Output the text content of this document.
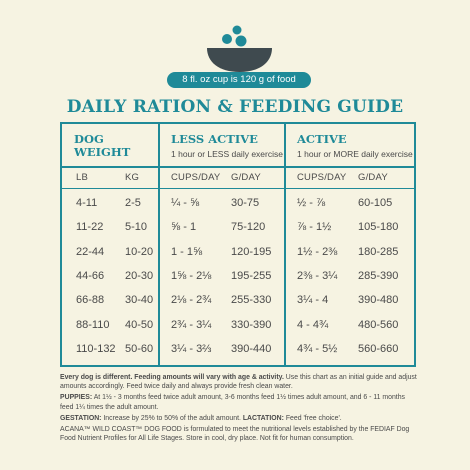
8 fl. oz cup is 120 g of food
DAILY RATION & FEEDING GUIDE
DOG
WEIGHT
LESS ACTIVE
1 hour or LESS daily exercise
ACTIVE
1 hour or MORE daily exercise
LB	KG	CUPS/DAY G/DAY	CUPS/DAY G/DAY
4-11	2-5	¼ - ⅝	30-75	½ - ⅞	60-105
11-22 5-10 ⅝ - 1	75-120	⅞ - 1½ 105-180
22-44 10-20 1 - 1⅝	120-195 1½ - 2⅜ 180-285
44-66 20-30 1⅝ - 2⅛ 195-255 2⅜ - 3¼ 285-390
66-88 30-40 2⅛ - 2¾ 255-330 3¼ - 4	390-480
88-110 40-50 2¾ - 3¼ 330-390 4 - 4¾	480-560
110-132 50-60 3¼ - 3⅔ 390-440 4¾ - 5½ 560-660

Every dog is different. Feeding amounts will vary with age & activity. Use this chart as an initial guide and adjust amounts accordingly. Feed twice daily and always provide fresh clean water.

PUPPIES: At 1½ - 3 months feed twice adult amount, 3-6 months feed 1½ times adult amount, and 6 - 11 months feed 1¼ times the adult amount.

GESTATION: Increase by 25% to 50% of the adult amount. LACTATION: Feed 'free choice'.

ACANA™ WILD COAST™ DOG FOOD is formulated to meet the nutritional levels established by the FEDIAF Dog Food Nutrient Profiles for All Life Stages. Store in cool, dry place. Not fit for human consumption.
